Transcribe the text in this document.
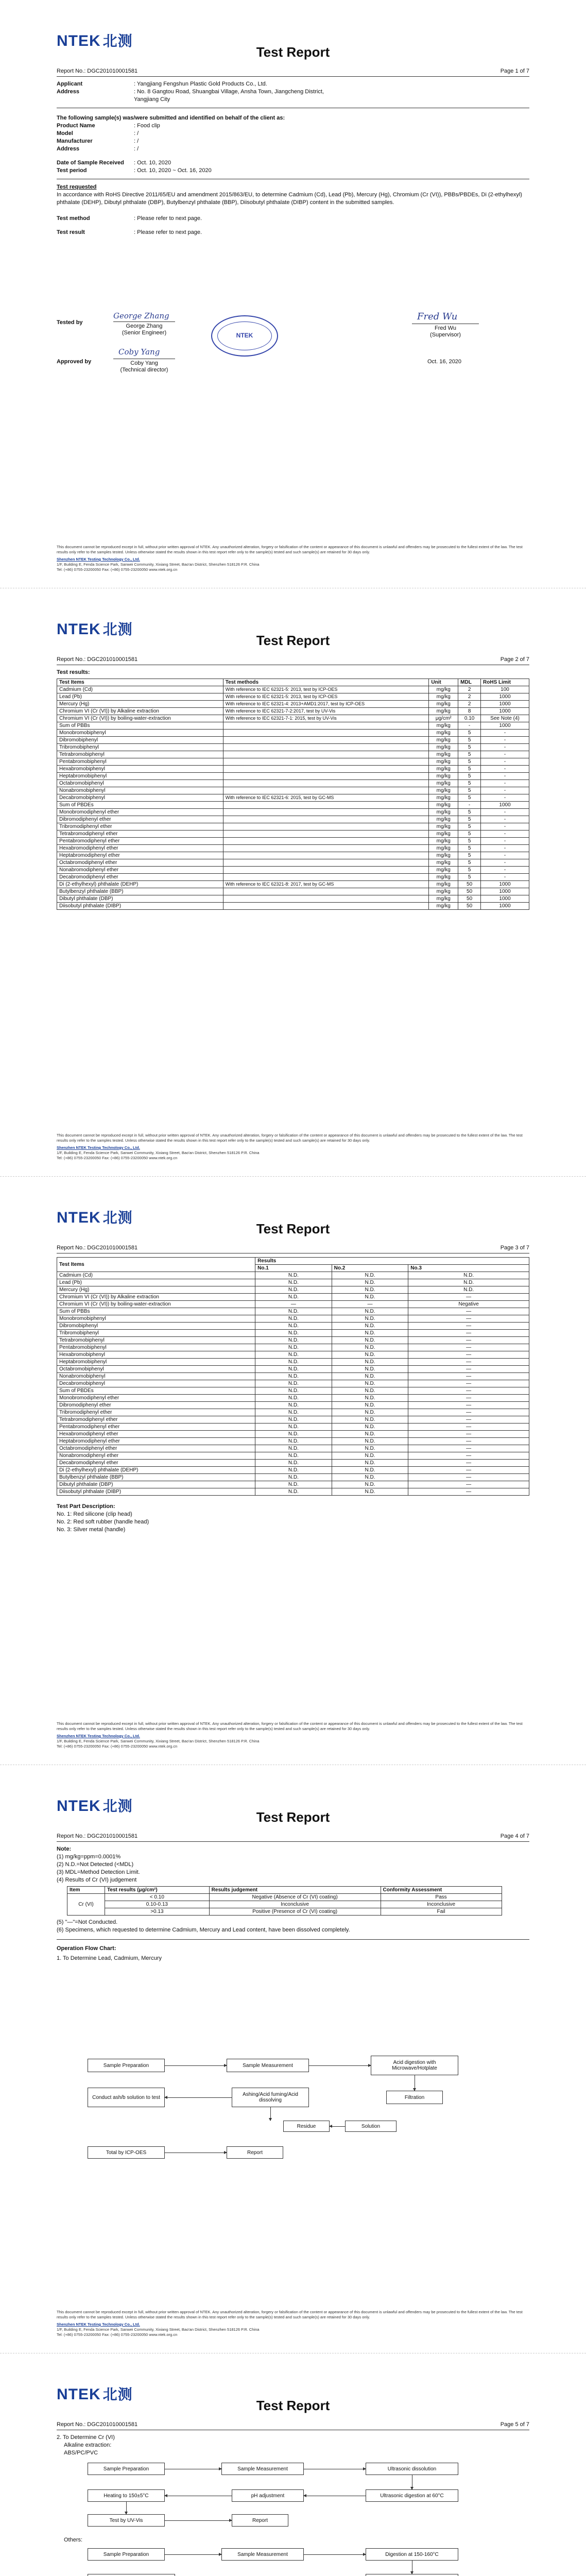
NTEK 北测
Test Report
Report No.: DGC201010001581	Page 1 of 7
Applicant	: Yangjiang Fengshun Plastic Gold Products Co., Ltd.
Address	: No. 8 Gangtou Road, Shuangbai Village, Ansha Town, Jiangcheng District,
Yangjiang City

The following sample(s) was/were submitted and identified on behalf of the client as:

Product Name	: Food clip
Model	: /
Manufacturer	: /
Address	: /
Date of Sample Received	: Oct. 10, 2020
Test period	: Oct. 10, 2020 ~ Oct. 16, 2020

Test requested

In accordance with RoHS Directive 2011/65/EU and amendment 2015/863/EU, to determine Cadmium (Cd), Lead (Pb), Mercury (Hg), Chromium (Cr (VI)), PBBs/PBDEs, Di (2-ethylhexyl) phthalate (DEHP), Dibutyl phthalate (DBP), Butylbenzyl phthalate (BBP), Diisobutyl phthalate (DIBP) content in the submitted samples.

Test method	: Please refer to next page.
Test result	: Please refer to next page.
Tested by
George Zhang
George Zhang
(Senior Engineer)
Approved by
Coby Yang
Coby Yang
(Technical director)
NTEK
Fred Wu
Fred Wu
(Supervisor)
Oct. 16, 2020
This document cannot be reproduced except in full, without prior written approval of NTEK. Any unauthorized alteration, forgery or falsification of the content or appearance of this document is unlawful and offenders may be prosecuted to the fullest extent of the law. The test results only refer to the samples tested. Unless otherwise stated the results shown in this test report refer only to the sample(s) tested and such sample(s) are retained for 30 days only.
Shenzhen NTEK Testing Technology Co., Ltd.
1/F, Building E, Fenda Science Park, Sanwei Community, Xixiang Street, Bao'an District, Shenzhen 518126 P.R. China
Tel: (+86) 0755-23200050 Fax: (+86) 0755-23200050 www.ntek.org.cn
NTEK 北测
Test Report
Report No.: DGC201010001581	Page 2 of 7

Test results:

Test Items	Test methods	Unit	MDL	RoHS Limit
Cadmium (Cd)	With reference to IEC 62321-5: 2013, test by ICP-OES	mg/kg	2	100
Lead (Pb)	With reference to IEC 62321-5: 2013, test by ICP-OES	mg/kg	2	1000
Mercury (Hg)	With reference to IEC 62321-4: 2013+AMD1:2017, test by ICP-OES	mg/kg	2	1000
Chromium VI (Cr (VI)) by Alkaline extraction	With reference to IEC 62321-7-2:2017, test by UV-Vis	mg/kg	8	1000
Chromium VI (Cr (VI)) by boiling-water-extraction	With reference to IEC 62321-7-1: 2015, test by UV-Vis	μg/cm²	0.10	See Note (4)
Sum of PBBs		mg/kg	-	1000
Monobromobiphenyl		mg/kg	5	-
Dibromobiphenyl		mg/kg	5	-
Tribromobiphenyl		mg/kg	5	-
Tetrabromobiphenyl		mg/kg	5	-
Pentabromobiphenyl		mg/kg	5	-
Hexabromobiphenyl		mg/kg	5	-
Heptabromobiphenyl		mg/kg	5	-
Octabromobiphenyl		mg/kg	5	-
Nonabromobiphenyl		mg/kg	5	-
Decabromobiphenyl	With reference to IEC 62321-6: 2015, test by GC-MS	mg/kg	5	-
Sum of PBDEs		mg/kg	-	1000
Monobromodiphenyl ether		mg/kg	5	-
Dibromodiphenyl ether		mg/kg	5	-
Tribromodiphenyl ether		mg/kg	5	-
Tetrabromodiphenyl ether		mg/kg	5	-
Pentabromodiphenyl ether		mg/kg	5	-
Hexabromodiphenyl ether		mg/kg	5	-
Heptabromodiphenyl ether		mg/kg	5	-
Octabromodiphenyl ether		mg/kg	5	-
Nonabromodiphenyl ether		mg/kg	5	-
Decabromodiphenyl ether		mg/kg	5	-
Di (2-ethylhexyl) phthalate (DEHP)	With reference to IEC 62321-8: 2017, test by GC-MS	mg/kg	50	1000
Butylbenzyl phthalate (BBP)		mg/kg	50	1000
Dibutyl phthalate (DBP)		mg/kg	50	1000
Diisobutyl phthalate (DIBP)		mg/kg	50	1000
This document cannot be reproduced except in full, without prior written approval of NTEK. Any unauthorized alteration, forgery or falsification of the content or appearance of this document is unlawful and offenders may be prosecuted to the fullest extent of the law. The test results only refer to the samples tested. Unless otherwise stated the results shown in this test report refer only to the sample(s) tested and such sample(s) are retained for 30 days only.
Shenzhen NTEK Testing Technology Co., Ltd.
1/F, Building E, Fenda Science Park, Sanwei Community, Xixiang Street, Bao'an District, Shenzhen 518126 P.R. China
Tel: (+86) 0755-23200050 Fax: (+86) 0755-23200050 www.ntek.org.cn
NTEK 北测
Test Report
Report No.: DGC201010001581	Page 3 of 7
Test Items	Results		
	No.1	No.2	No.3
Cadmium (Cd)	N.D.	N.D.	N.D.
Lead (Pb)	N.D.	N.D.	N.D.
Mercury (Hg)	N.D.	N.D.	N.D.
Chromium VI (Cr (VI)) by Alkaline extraction	N.D.	N.D.	—
Chromium VI (Cr (VI)) by boiling-water-extraction	—	—	Negative
Sum of PBBs	N.D.	N.D.	—
Monobromobiphenyl	N.D.	N.D.	—
Dibromobiphenyl	N.D.	N.D.	—
Tribromobiphenyl	N.D.	N.D.	—
Tetrabromobiphenyl	N.D.	N.D.	—
Pentabromobiphenyl	N.D.	N.D.	—
Hexabromobiphenyl	N.D.	N.D.	—
Heptabromobiphenyl	N.D.	N.D.	—
Octabromobiphenyl	N.D.	N.D.	—
Nonabromobiphenyl	N.D.	N.D.	—
Decabromobiphenyl	N.D.	N.D.	—
Sum of PBDEs	N.D.	N.D.	—
Monobromodiphenyl ether	N.D.	N.D.	—
Dibromodiphenyl ether	N.D.	N.D.	—
Tribromodiphenyl ether	N.D.	N.D.	—
Tetrabromodiphenyl ether	N.D.	N.D.	—
Pentabromodiphenyl ether	N.D.	N.D.	—
Hexabromodiphenyl ether	N.D.	N.D.	—
Heptabromodiphenyl ether	N.D.	N.D.	—
Octabromodiphenyl ether	N.D.	N.D.	—
Nonabromodiphenyl ether	N.D.	N.D.	—
Decabromodiphenyl ether	N.D.	N.D.	—
Di (2-ethylhexyl) phthalate (DEHP)	N.D.	N.D.	—
Butylbenzyl phthalate (BBP)	N.D.	N.D.	—
Dibutyl phthalate (DBP)	N.D.	N.D.	—
Diisobutyl phthalate (DIBP)	N.D.	N.D.	—

Test Part Description:

No. 1: Red silicone (clip head)

No. 2: Red soft rubber (handle head)

No. 3: Silver metal (handle)

This document cannot be reproduced except in full, without prior written approval of NTEK. Any unauthorized alteration, forgery or falsification of the content or appearance of this document is unlawful and offenders may be prosecuted to the fullest extent of the law. The test results only refer to the samples tested. Unless otherwise stated the results shown in this test report refer only to the sample(s) tested and such sample(s) are retained for 30 days only.
Shenzhen NTEK Testing Technology Co., Ltd.
1/F, Building E, Fenda Science Park, Sanwei Community, Xixiang Street, Bao'an District, Shenzhen 518126 P.R. China
Tel: (+86) 0755-23200050 Fax: (+86) 0755-23200050 www.ntek.org.cn
NTEK 北测
Test Report
Report No.: DGC201010001581	Page 4 of 7

Note:

(1) mg/kg=ppm=0.0001%

(2) N.D.=Not Detected (<MDL)

(3) MDL=Method Detection Limit.

(4) Results of Cr (VI) judgement

Item	Test results (μg/cm²)	Results judgement	Conformity Assessment
Cr (VI)	< 0.10	Negative (Absence of Cr (VI) coating)	Pass
	0.10-0.13	Inconclusive	Inconclusive
	>0.13	Positive (Presence of Cr (VI) coating)	Fail

(5) "—"=Not Conducted.

(6) Specimens, which requested to determine Cadmium, Mercury and Lead content, have been dissolved completely.

Operation Flow Chart:

1. To Determine Lead, Cadmium, Mercury

Sample Preparation	Sample Measurement	Acid digestion with Microwave/Hotplate
Filtration
Ashing/Acid fuming/Acid dissolving
Conduct ash/b solution to test
Residue	Solution
Total by ICP-OES	Report
This document cannot be reproduced except in full, without prior written approval of NTEK. Any unauthorized alteration, forgery or falsification of the content or appearance of this document is unlawful and offenders may be prosecuted to the fullest extent of the law. The test results only refer to the samples tested. Unless otherwise stated the results shown in this test report refer only to the sample(s) tested and such sample(s) are retained for 30 days only.
Shenzhen NTEK Testing Technology Co., Ltd.
1/F, Building E, Fenda Science Park, Sanwei Community, Xixiang Street, Bao'an District, Shenzhen 518126 P.R. China
Tel: (+86) 0755-23200050 Fax: (+86) 0755-23200050 www.ntek.org.cn
NTEK 北测
Test Report
Report No.: DGC201010001581	Page 5 of 7

2. To Determine Cr (VI)

Alkaline extraction:

ABS/PC/PVC

Sample Preparation	Sample Measurement	Ultrasonic dissolution
Ultrasonic digestion at 60°C
pH adjustment
Heating to 150±5°C
Test by UV-Vis	Report
Others:
Sample Preparation	Sample Measurement	Digestion at 150-160°C
